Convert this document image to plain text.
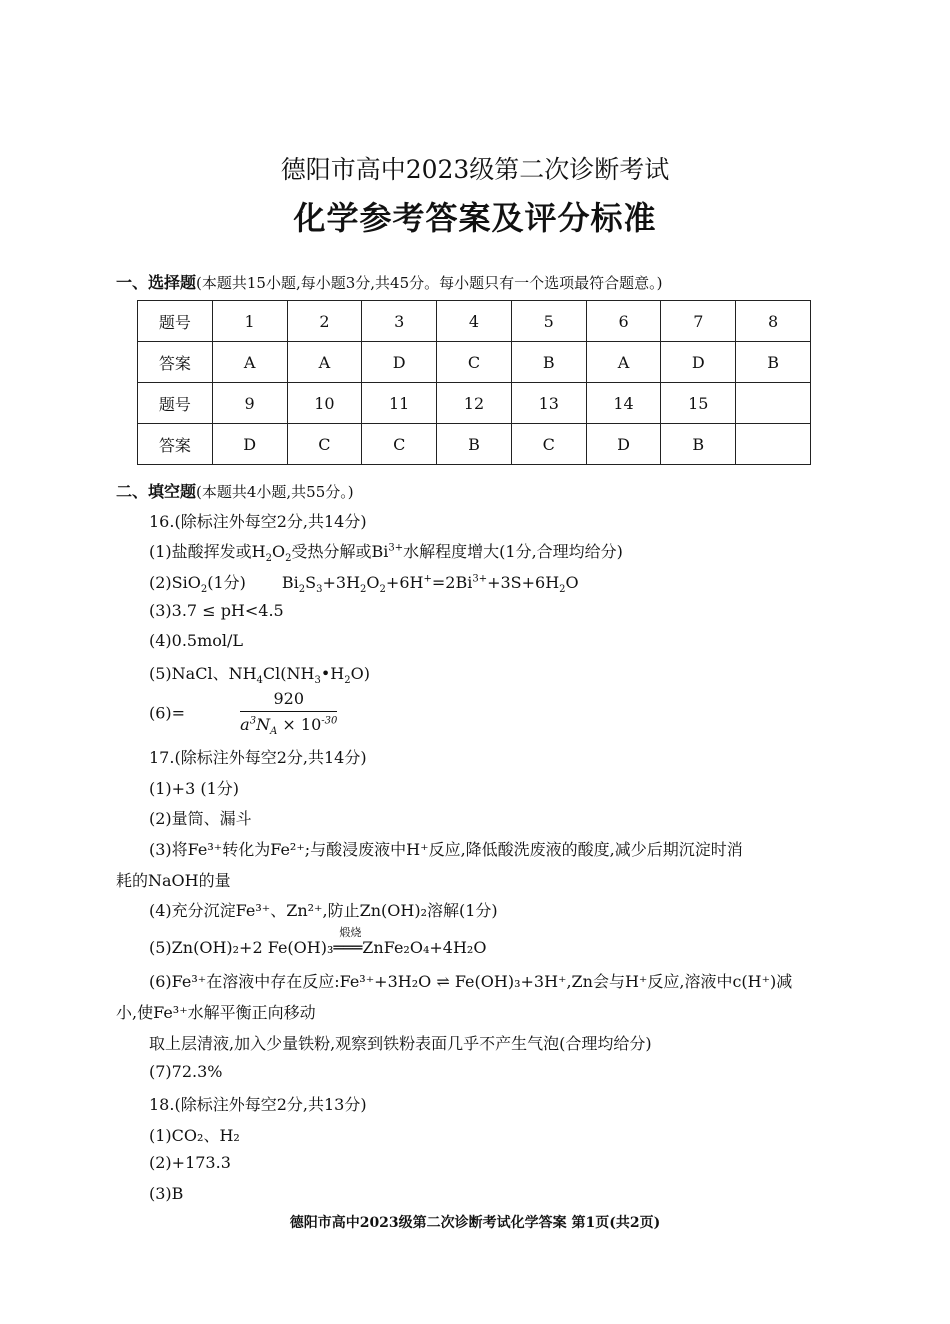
德阳市高中2023级第二次诊断考试
化学参考答案及评分标准
一、选择题(本题共15小题,每小题3分,共45分。每小题只有一个选项最符合题意。)
题号	1	2	3	4	5	6	7	8
答案	A	A	D	C	B	A	D	B
题号	9	10	11	12	13	14	15	
答案	D	C	C	B	C	D	B	
二、填空题(本题共4小题,共55分。)
16.(除标注外每空2分,共14分)
(1)盐酸挥发或$H_2O_2$受热分解或$Bi^{3+}$水解程度增大(1分,合理均给分)
(2)SiO$_2$(1分) $Bi_2S_3+3H_2O_2+6H^+=2Bi^{3+}+3S+6H_2O$
(3)3.7 ≤ pH<4.5
(4)0.5mol/L
(5)NaCl、$NH_4Cl(NH_3•H_2O)$
(6)=	$\frac{920}{a^3N_A \times 10^{-30}}$
17.(除标注外每空2分,共14分)
(1)+3 (1分)
(2)量筒、漏斗
(3)将Fe³⁺转化为Fe²⁺;与酸浸废液中H⁺反应,降低酸洗废液的酸度,减少后期沉淀时消
耗的NaOH的量
(4)充分沉淀Fe³⁺、Zn²⁺,防止Zn(OH)₂溶解(1分)
(5)Zn(OH)₂+2 Fe(OH)₃
煅烧
═══ZnFe₂O₄+4H₂O
(6)Fe³⁺在溶液中存在反应:Fe³⁺+3H₂O ⇌ Fe(OH)₃+3H⁺,Zn会与H⁺反应,溶液中c(H⁺)减
小,使Fe³⁺水解平衡正向移动
取上层清液,加入少量铁粉,观察到铁粉表面几乎不产生气泡(合理均给分)
(7)72.3%
18.(除标注外每空2分,共13分)
(1)CO₂、H₂
(2)+173.3
(3)B
德阳市高中2023级第二次诊断考试化学答案 第1页(共2页)
